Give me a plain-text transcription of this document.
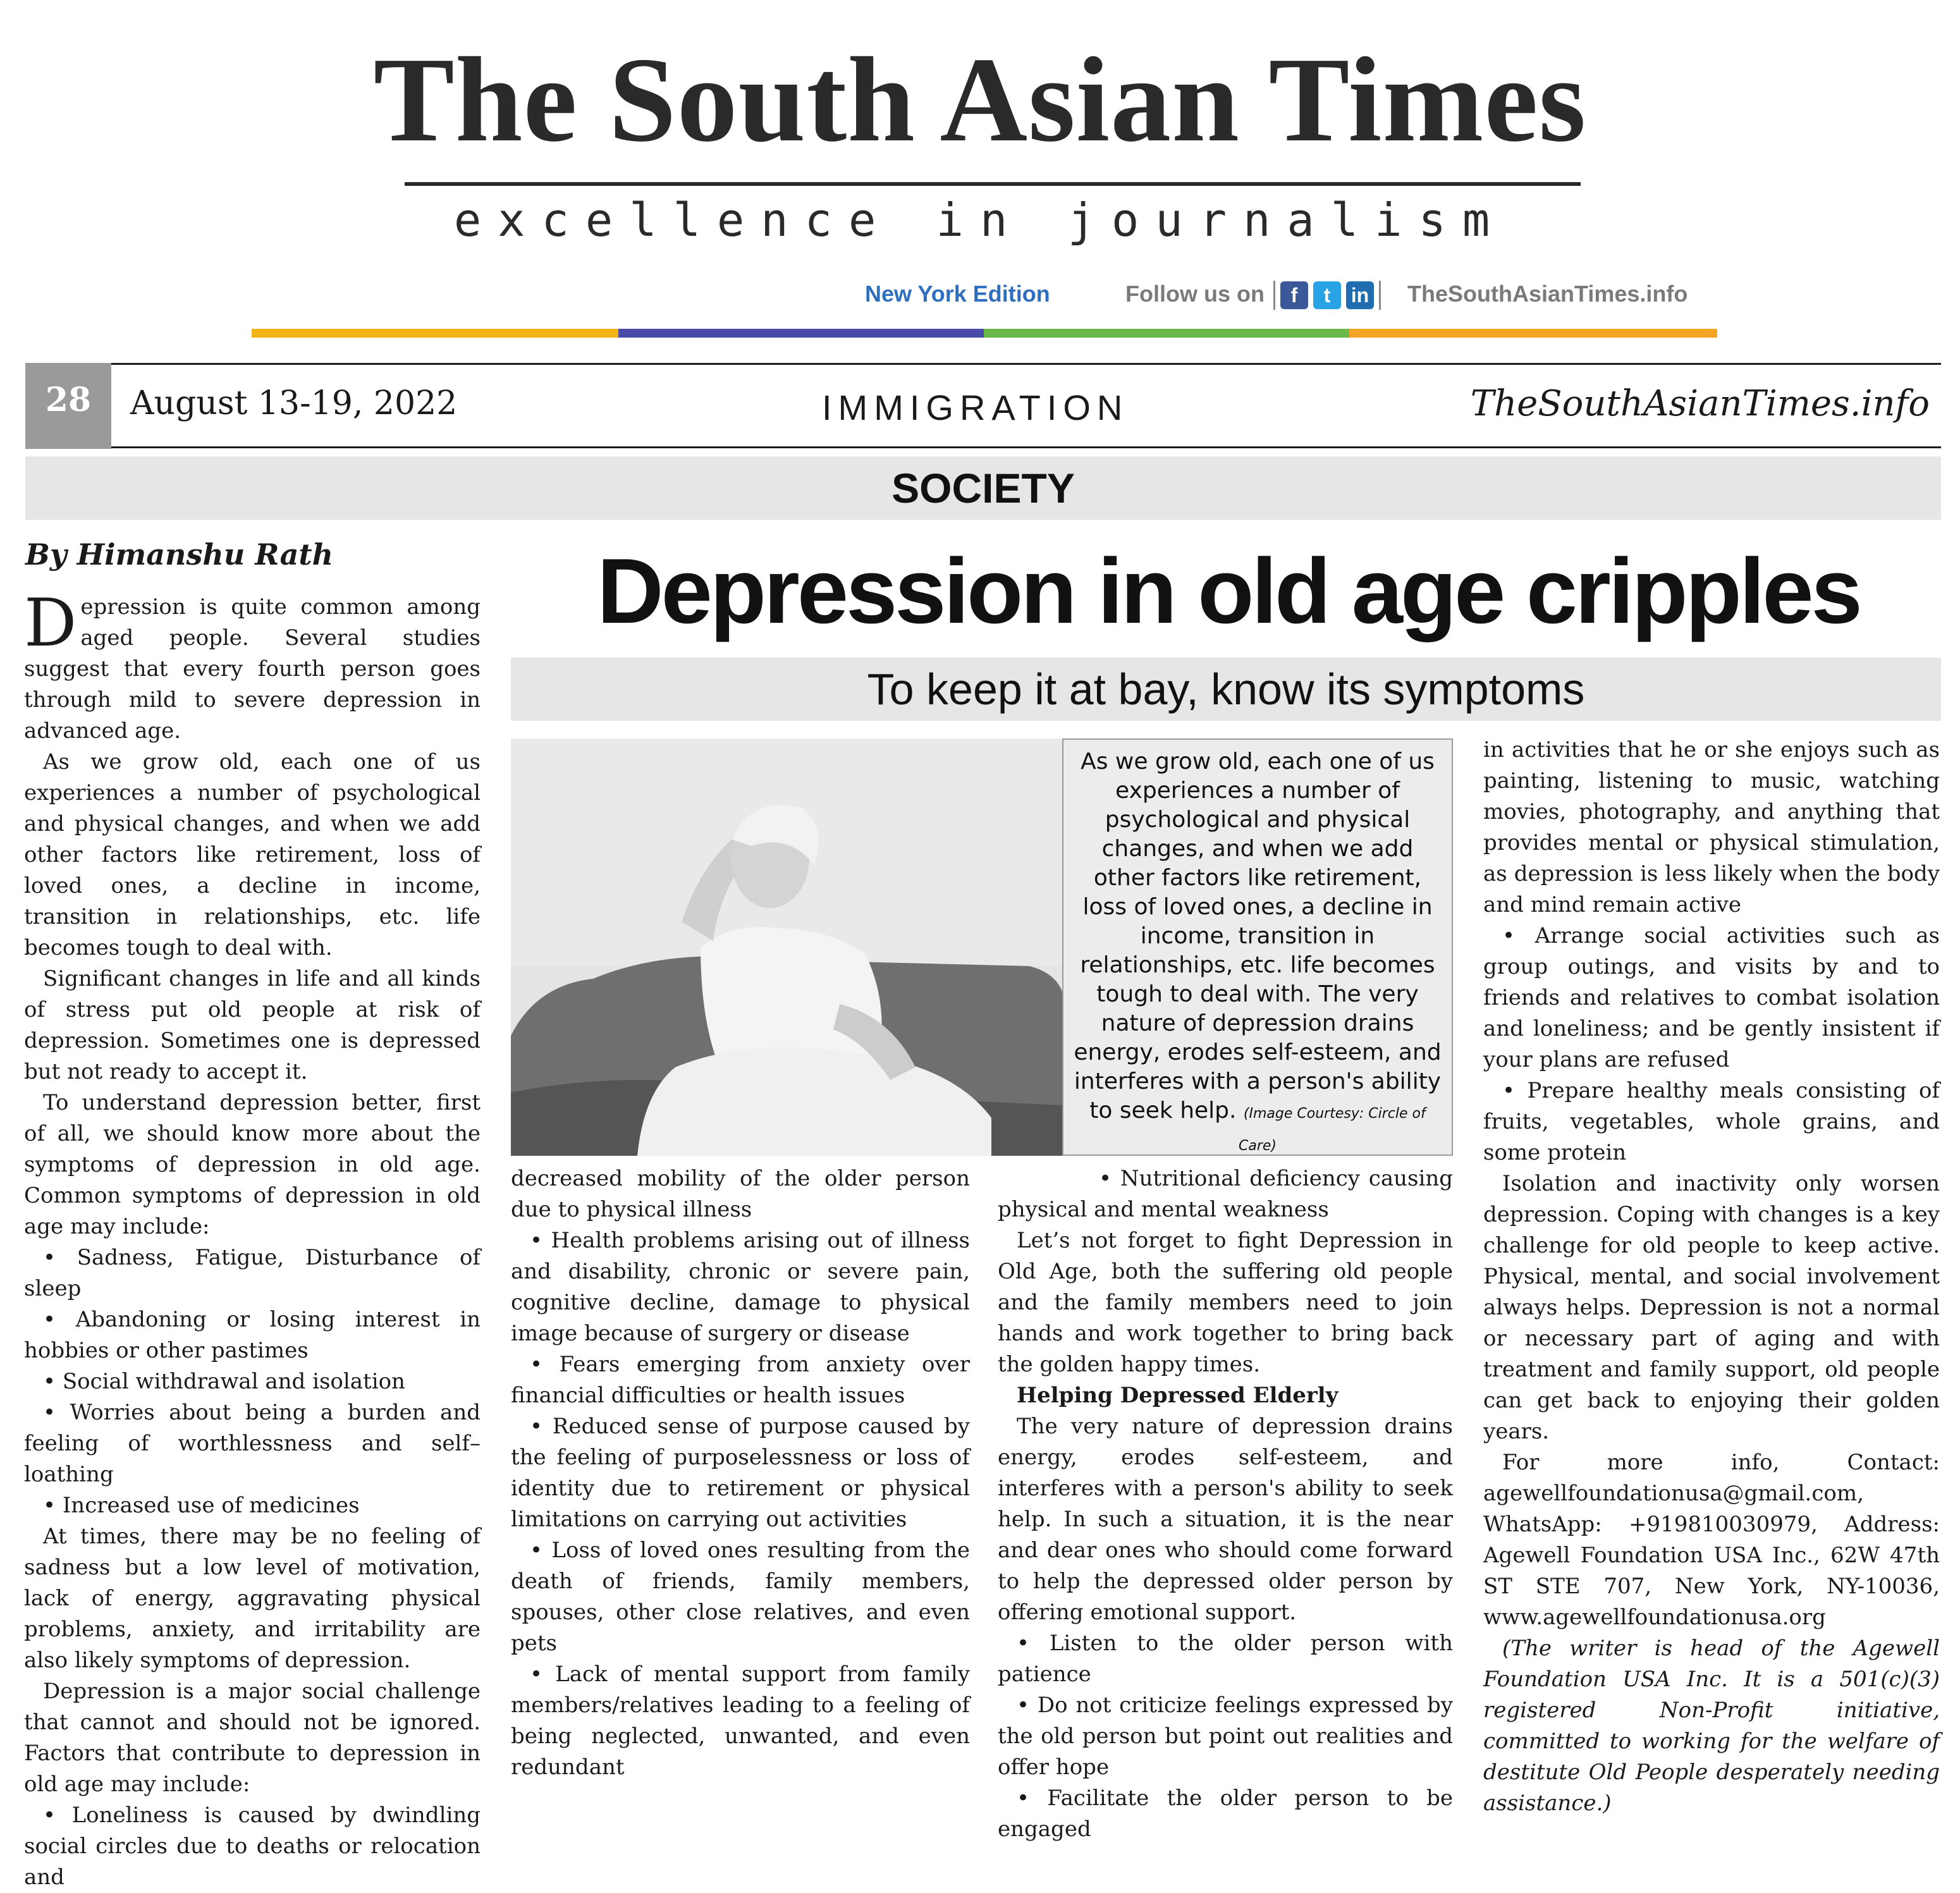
The South Asian Times
excellence in journalism
New York Edition	Follow us on	f	t	in TheSouthAsianTimes.info
28	August 13-19, 2022	IMMIGRATION	TheSouthAsianTimes.info
SOCIETY
By Himanshu Rath	Depression in old age cripples
To keep it at bay, know its symptoms

Depression is quite common among aged people. Several studies suggest that every fourth person goes through mild to severe depression in advanced age.

As we grow old, each one of us experiences a number of psychological and physical changes, and when we add other factors like retirement, loss of loved ones, a decline in income, transition in relationships, etc. life becomes tough to deal with.

Significant changes in life and all kinds of stress put old people at risk of depression. Sometimes one is depressed but not ready to accept it.

To understand depression better, first of all, we should know more about the symptoms of depression in old age. Common symptoms of depression in old age may include:

• Sadness, Fatigue, Disturbance of sleep

• Abandoning or losing interest in hobbies or other pastimes

• Social withdrawal and isolation

• Worries about being a burden and feeling of worthlessness and self–loathing

• Increased use of medicines

At times, there may be no feeling of sadness but a low level of motivation, lack of energy, aggravating physical problems, anxiety, and irritability are also likely symptoms of depression.

Depression is a major social challenge that cannot and should not be ignored. Factors that contribute to depression in old age may include:

• Loneliness is caused by dwindling social circles due to deaths or relocation and

As we grow old, each one of us experiences a number of psychological and physical changes, and when we add other factors like retirement, loss of loved ones, a decline in income, transition in relationships, etc. life becomes tough to deal with. The very nature of depression drains energy, erodes self-esteem, and interferes with a person's ability to seek help. (Image Courtesy: Circle of Care)

decreased mobility of the older person due to physical illness

• Health problems arising out of illness and disability, chronic or severe pain, cognitive decline, damage to physical image because of surgery or disease

• Fears emerging from anxiety over financial difficulties or health issues

• Reduced sense of purpose caused by the feeling of purposelessness or loss of identity due to retirement or physical limitations on carrying out activities

• Loss of loved ones resulting from the death of friends, family members, spouses, other close relatives, and even pets

• Lack of mental support from family members/relatives leading to a feeling of being neglected, unwanted, and even redundant

• Nutritional deficiency causing physical and mental weakness

Let’s not forget to fight Depression in Old Age, both the suffering old people and the family members need to join hands and work together to bring back the golden happy times.

Helping Depressed Elderly

The very nature of depression drains energy, erodes self-esteem, and interferes with a person's ability to seek help. In such a situation, it is the near and dear ones who should come forward to help the depressed older person by offering emotional support.

• Listen to the older person with patience

• Do not criticize feelings expressed by the old person but point out realities and offer hope

• Facilitate the older person to be engaged

in activities that he or she enjoys such as painting, listening to music, watching movies, photography, and anything that provides mental or physical stimulation, as depression is less likely when the body and mind remain active

• Arrange social activities such as group outings, and visits by and to friends and relatives to combat isolation and loneliness; and be gently insistent if your plans are refused

• Prepare healthy meals consisting of fruits, vegetables, whole grains, and some protein

Isolation and inactivity only worsen depression. Coping with changes is a key challenge for old people to keep active. Physical, mental, and social involvement always helps. Depression is not a normal or necessary part of aging and with treatment and family support, old people can get back to enjoying their golden years.

For more info, Contact: agewellfoundationusa@gmail.com, WhatsApp: +919810030979, Address: Agewell Foundation USA Inc., 62W 47th ST STE 707, New York, NY-10036, www.agewellfoundationusa.org

(The writer is head of the Agewell Foundation USA Inc. It is a 501(c)(3) registered Non-Profit initiative, committed to working for the welfare of destitute Old People desperately needing assistance.)
